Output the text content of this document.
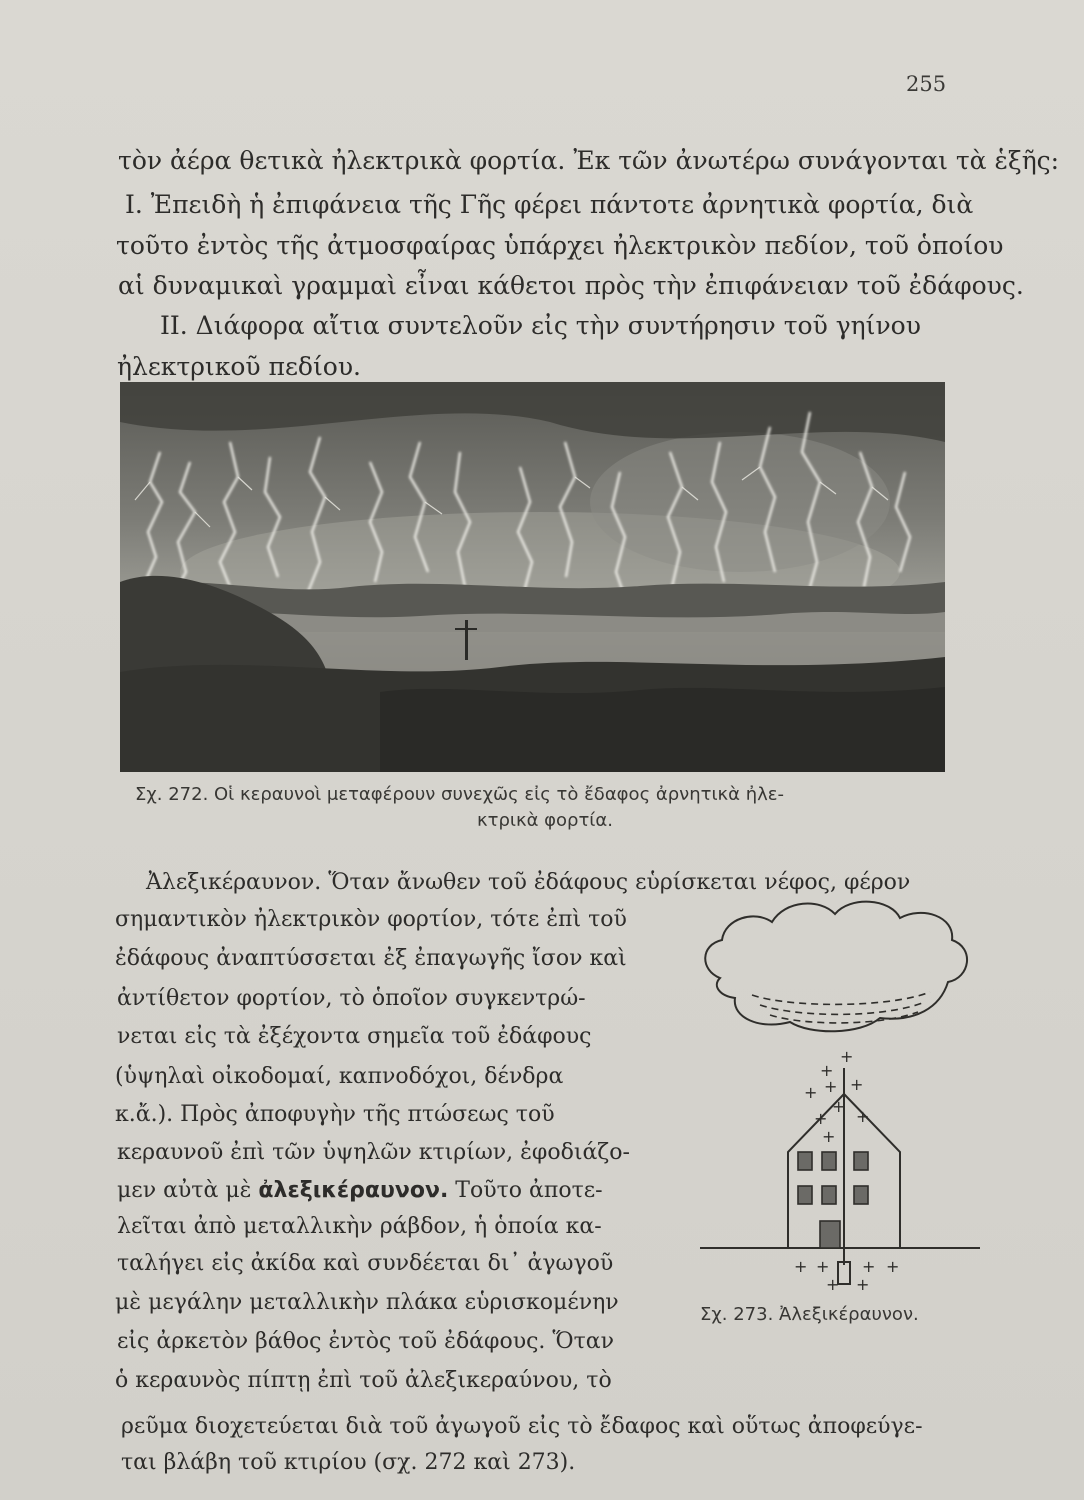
255
τὸν ἀέρα θετικὰ ἠλεκτρικὰ φορτία. Ἐκ τῶν ἀνωτέρω συνάγονται τὰ ἑξῆς:
I. Ἐπειδὴ ἡ ἐπιφάνεια τῆς Γῆς φέρει πάντοτε ἀρνητικὰ φορτία, διὰ
τοῦτο ἐντὸς τῆς ἀτμοσφαίρας ὑπάρχει ἠλεκτρικὸν πεδίον, τοῦ ὁποίου
αἱ δυναμικαὶ γραμμαὶ εἶναι κάθετοι πρὸς τὴν ἐπιφάνειαν τοῦ ἐδάφους.
II. Διάφορα αἴτια συντελοῦν εἰς τὴν συντήρησιν τοῦ γηίνου
ἠλεκτρικοῦ πεδίου.
Σχ. 272. Οἱ κεραυνοὶ μεταφέρουν συνεχῶς εἰς τὸ ἔδαφος ἀρνητικὰ ἠλε-
κτρικὰ φορτία.
Ἀλεξικέραυνον. Ὅταν ἄνωθεν τοῦ ἐδάφους εὑρίσκεται νέφος, φέρον
σημαντικὸν ἠλεκτρικὸν φορτίον, τότε ἐπὶ τοῦ
ἐδάφους ἀναπτύσσεται ἐξ ἐπαγωγῆς ἴσον καὶ
ἀντίθετον φορτίον, τὸ ὁποῖον συγκεντρώ-
νεται εἰς τὰ ἐξέχοντα σημεῖα τοῦ ἐδάφους
(ὑψηλαὶ οἰκοδομαί, καπνοδόχοι, δένδρα
κ.ἄ.). Πρὸς ἀποφυγὴν τῆς πτώσεως τοῦ
κεραυνοῦ ἐπὶ τῶν ὑψηλῶν κτιρίων, ἐφοδιάζο-
μεν αὐτὰ μὲ ἀλεξικέραυνον. Τοῦτο ἀποτε-
λεῖται ἀπὸ μεταλλικὴν ράβδον, ἡ ὁποία κα-
ταλήγει εἰς ἀκίδα καὶ συνδέεται δι᾽ ἀγωγοῦ
μὲ μεγάλην μεταλλικὴν πλάκα εὑρισκομένην
εἰς ἀρκετὸν βάθος ἐντὸς τοῦ ἐδάφους. Ὅταν
ὁ κεραυνὸς πίπτῃ ἐπὶ τοῦ ἀλεξικεραύνου, τὸ
ρεῦμα διοχετεύεται διὰ τοῦ ἀγωγοῦ εἰς τὸ ἔδαφος καὶ οὕτως ἀποφεύγε-
ται βλάβη τοῦ κτιρίου (σχ. 272 καὶ 273).
+
+
+ + +
+
+
+
+
+ + + +
+ +
Σχ. 273. Ἀλεξικέραυνον.
